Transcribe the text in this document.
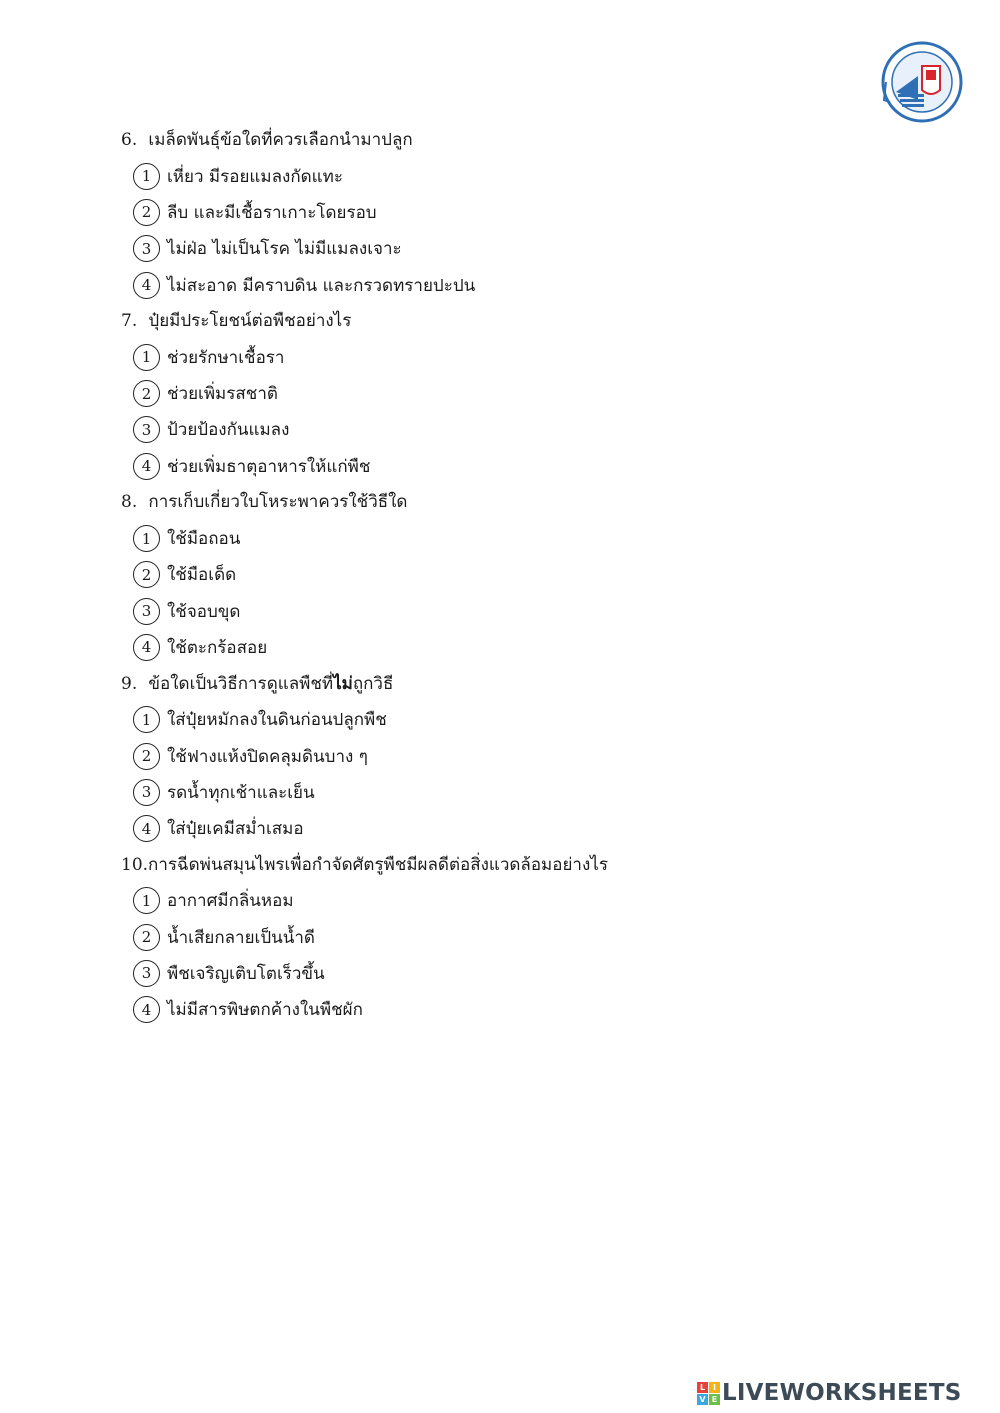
6. เมล็ดพันธุ์ข้อใดที่ควรเลือกนำมาปลูก
1 เหี่ยว มีรอยแมลงกัดแทะ
2 ลีบ และมีเชื้อราเกาะโดยรอบ
3 ไม่ฝ่อ ไม่เป็นโรค ไม่มีแมลงเจาะ
4 ไม่สะอาด มีคราบดิน และกรวดทรายปะปน
7. ปุ๋ยมีประโยชน์ต่อพืชอย่างไร
1 ช่วยรักษาเชื้อรา
2 ช่วยเพิ่มรสชาติ
3 ป้วยป้องกันแมลง
4 ช่วยเพิ่มธาตุอาหารให้แก่พืช
8. การเก็บเกี่ยวใบโหระพาควรใช้วิธีใด
1 ใช้มือถอน
2 ใช้มือเด็ด
3 ใช้จอบขุด
4 ใช้ตะกร้อสอย
9. ข้อใดเป็นวิธีการดูแลพืชที่ไม่ถูกวิธี
1 ใส่ปุ๋ยหมักลงในดินก่อนปลูกพืช
2 ใช้ฟางแห้งปิดคลุมดินบาง ๆ
3 รดน้ำทุกเช้าและเย็น
4 ใส่ปุ๋ยเคมีสม่ำเสมอ
10.การฉีดพ่นสมุนไพรเพื่อกำจัดศัตรูพืชมีผลดีต่อสิ่งแวดล้อมอย่างไร
1 อากาศมีกลิ่นหอม
2 น้ำเสียกลายเป็นน้ำดี
3 พืชเจริญเติบโตเร็วขึ้น
4 ไม่มีสารพิษตกค้างในพืชผัก
L I
V E LIVEWORKSHEETS
